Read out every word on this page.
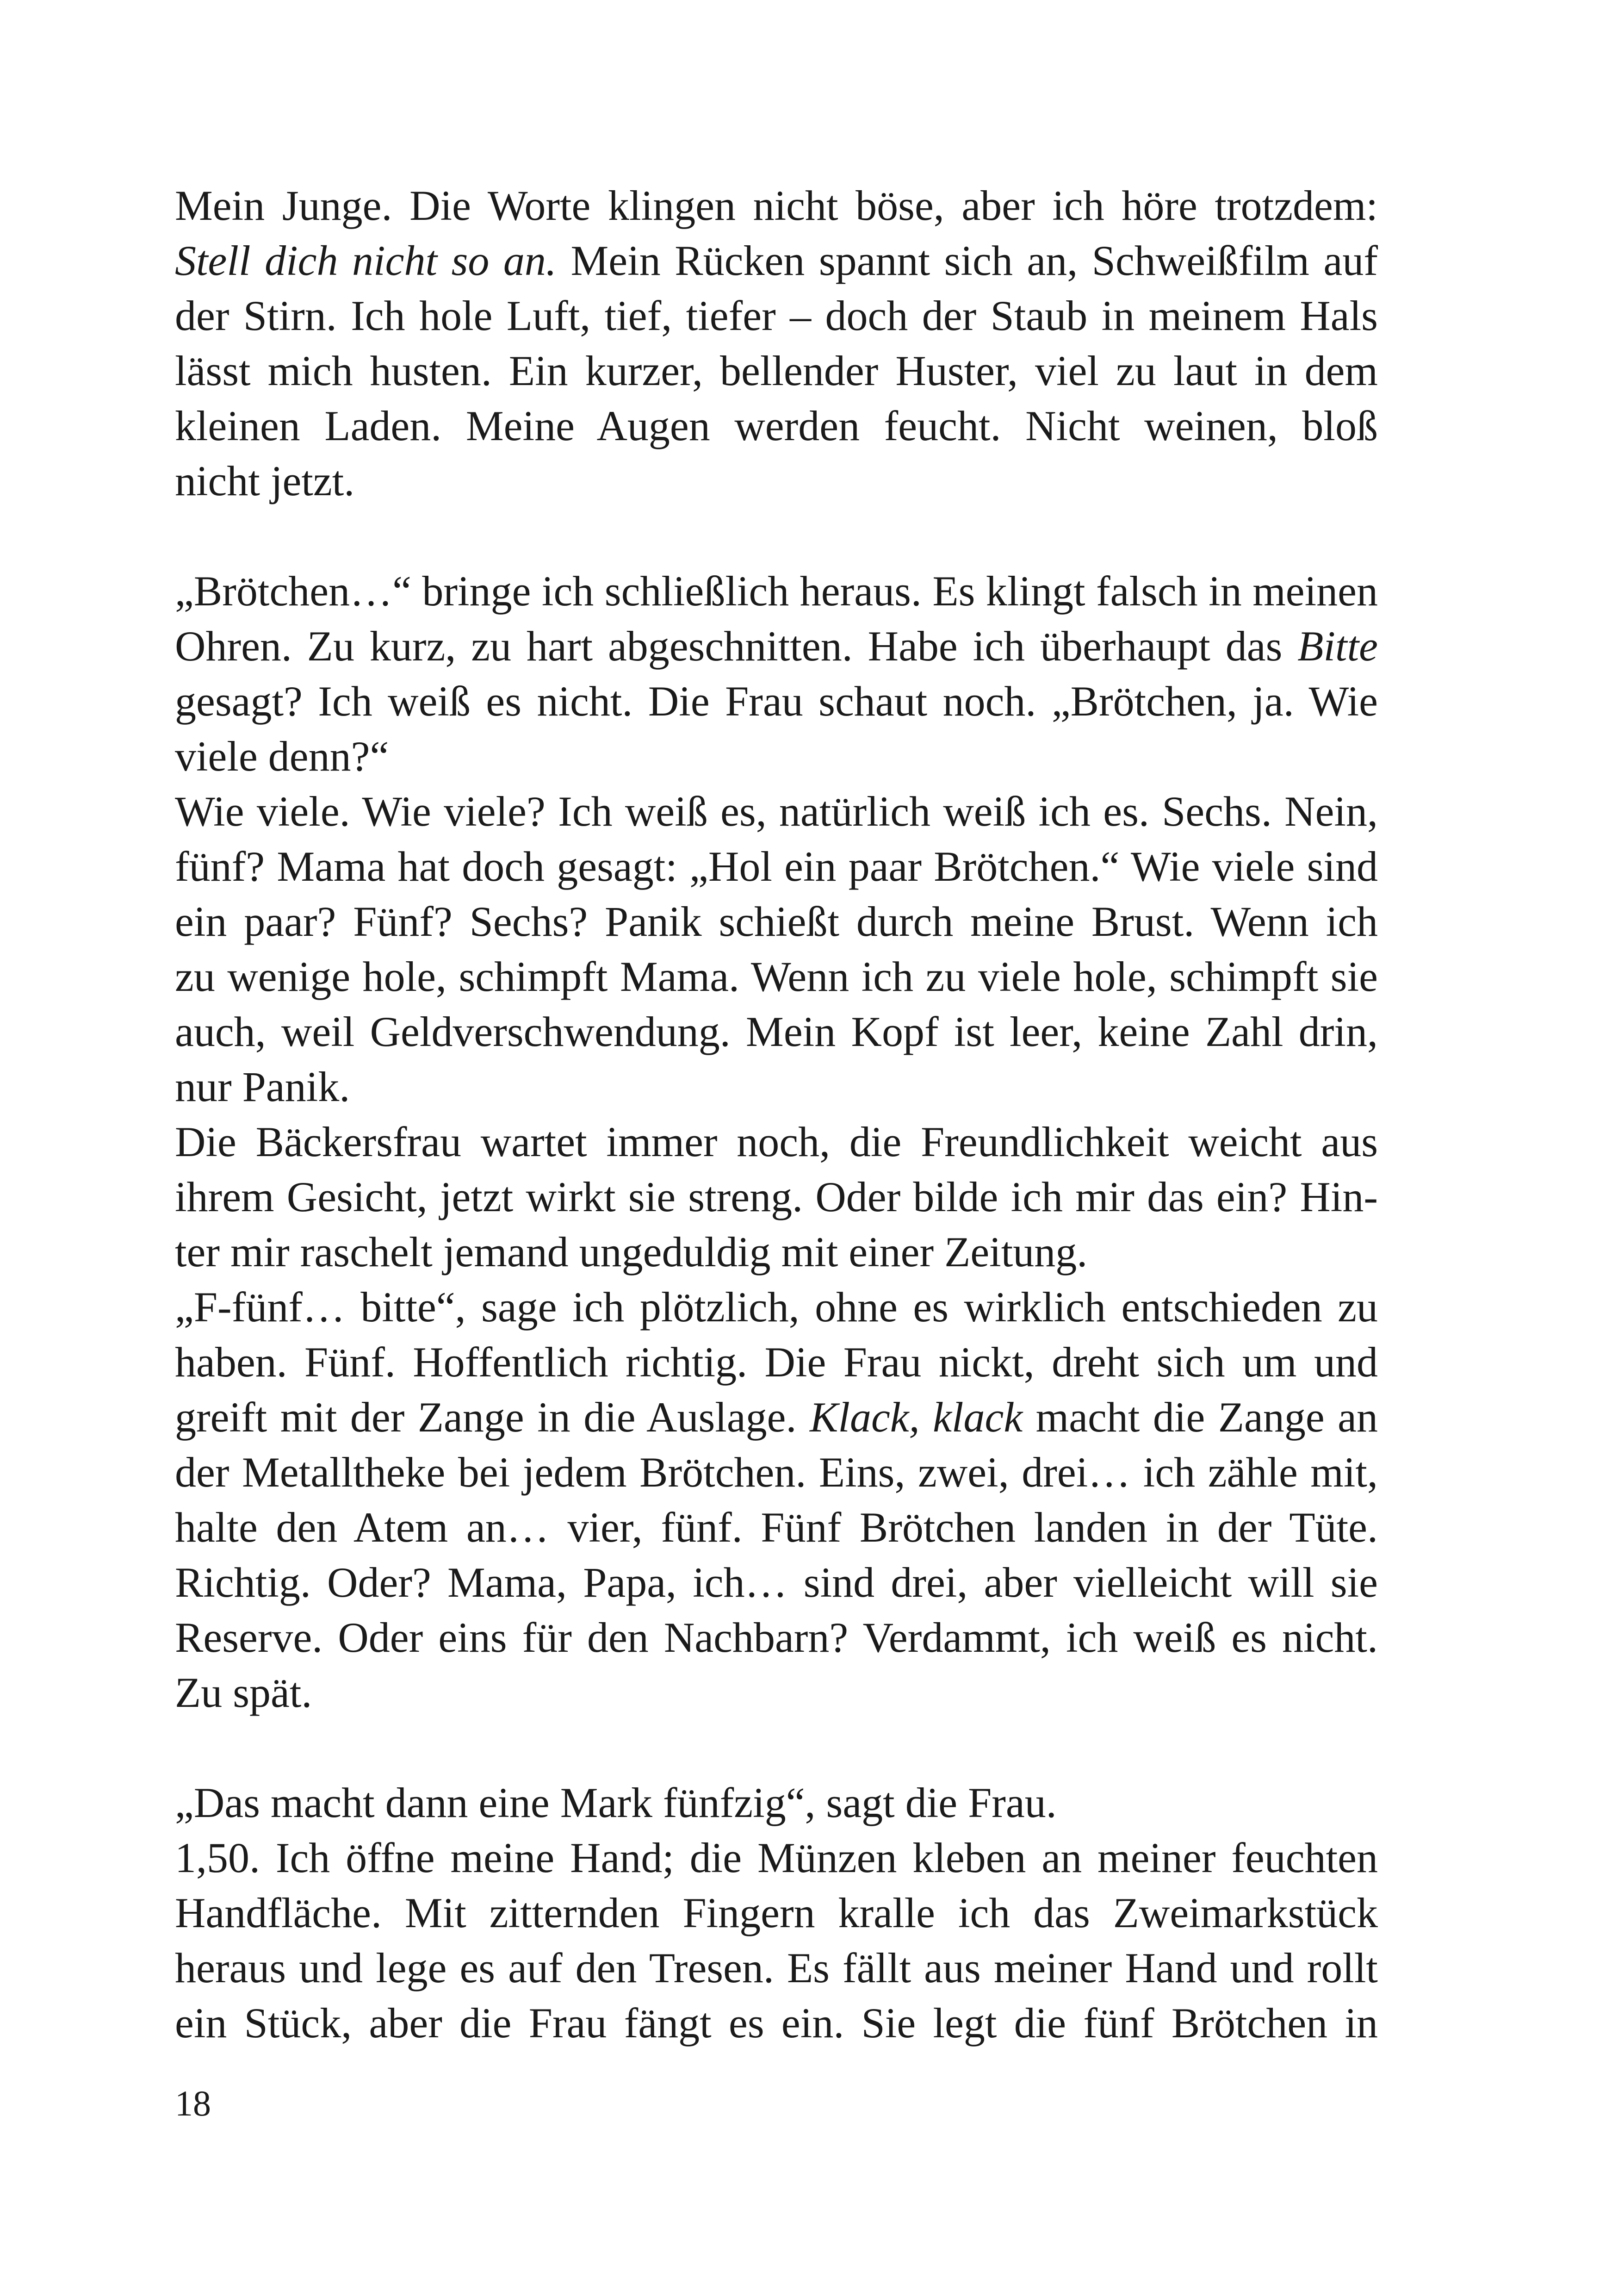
Mein Junge. Die Worte klingen nicht böse, aber ich höre trotzdem:
Stell dich nicht so an. Mein Rücken spannt sich an, Schweißfilm auf
der Stirn. Ich hole Luft, tief, tiefer – doch der Staub in meinem Hals
lässt mich husten. Ein kurzer, bellender Huster, viel zu laut in dem
kleinen Laden. Meine Augen werden feucht. Nicht weinen, bloß
nicht jetzt.
„Brötchen…“ bringe ich schließlich heraus. Es klingt falsch in meinen
Ohren. Zu kurz, zu hart abgeschnitten. Habe ich überhaupt das Bitte
gesagt? Ich weiß es nicht. Die Frau schaut noch. „Brötchen, ja. Wie
viele denn?“
Wie viele. Wie viele? Ich weiß es, natürlich weiß ich es. Sechs. Nein,
fünf? Mama hat doch gesagt: „Hol ein paar Brötchen.“ Wie viele sind
ein paar? Fünf? Sechs? Panik schießt durch meine Brust. Wenn ich
zu wenige hole, schimpft Mama. Wenn ich zu viele hole, schimpft sie
auch, weil Geldverschwendung. Mein Kopf ist leer, keine Zahl drin,
nur Panik.
Die Bäckersfrau wartet immer noch, die Freundlichkeit weicht aus
ihrem Gesicht, jetzt wirkt sie streng. Oder bilde ich mir das ein? Hin-
ter mir raschelt jemand ungeduldig mit einer Zeitung.
„F-fünf… bitte“, sage ich plötzlich, ohne es wirklich entschieden zu
haben. Fünf. Hoffentlich richtig. Die Frau nickt, dreht sich um und
greift mit der Zange in die Auslage. Klack, klack macht die Zange an
der Metalltheke bei jedem Brötchen. Eins, zwei, drei… ich zähle mit,
halte den Atem an… vier, fünf. Fünf Brötchen landen in der Tüte.
Richtig. Oder? Mama, Papa, ich… sind drei, aber vielleicht will sie
Reserve. Oder eins für den Nachbarn? Verdammt, ich weiß es nicht.
Zu spät.
„Das macht dann eine Mark fünfzig“, sagt die Frau.
1,50. Ich öffne meine Hand; die Münzen kleben an meiner feuchten
Handfläche. Mit zitternden Fingern kralle ich das Zweimarkstück
heraus und lege es auf den Tresen. Es fällt aus meiner Hand und rollt
ein Stück, aber die Frau fängt es ein. Sie legt die fünf Brötchen in
18
